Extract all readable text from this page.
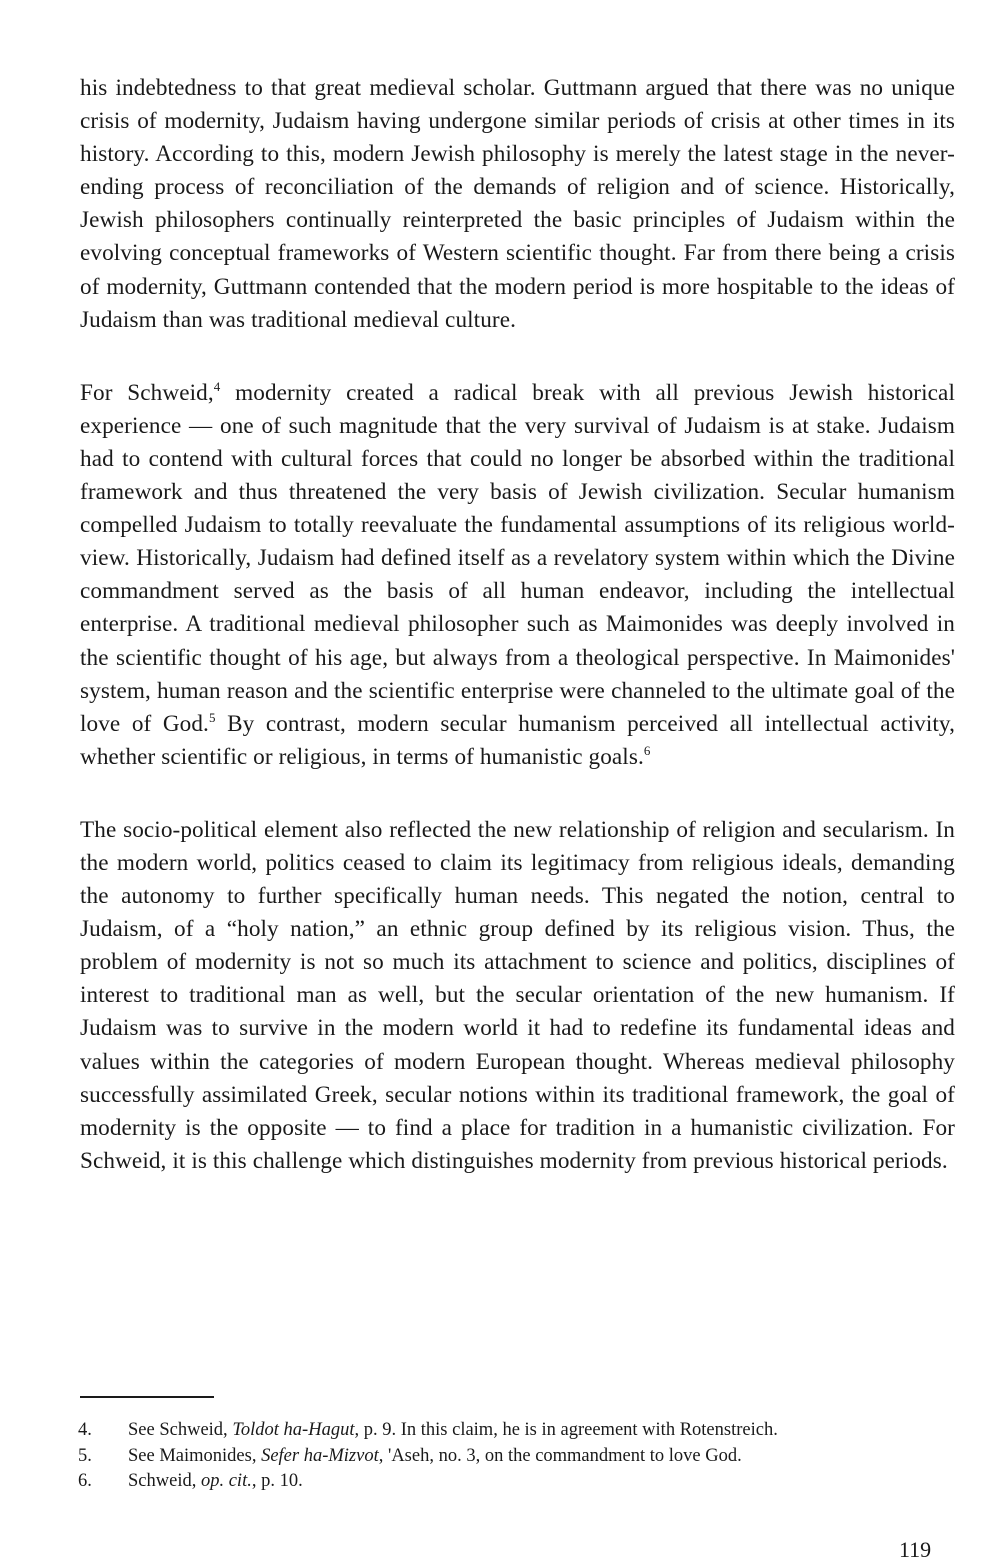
his indebtedness to that great medieval scholar. Guttmann argued that there was no unique crisis of modernity, Judaism having undergone similar periods of crisis at other times in its history. According to this, modern Jewish philosophy is merely the latest stage in the never-ending process of reconciliation of the demands of religion and of science. Historically, Jewish philosophers continually reinterpreted the basic principles of Judaism within the evolving conceptual frameworks of Western scientific thought. Far from there being a crisis of modernity, Guttmann contended that the modern period is more hospitable to the ideas of Judaism than was traditional medieval culture.

For Schweid,$^4$ modernity created a radical break with all previous Jewish historical experience — one of such magnitude that the very survival of Judaism is at stake. Judaism had to contend with cultural forces that could no longer be absorbed within the traditional framework and thus threatened the very basis of Jewish civilization. Secular humanism compelled Judaism to totally reevaluate the fundamental assumptions of its religious world-view. Historically, Judaism had defined itself as a revelatory system within which the Divine commandment served as the basis of all human endeavor, including the intellectual enterprise. A traditional medieval philosopher such as Maimonides was deeply involved in the scientific thought of his age, but always from a theological perspective. In Maimonides' system, human reason and the scientific enterprise were channeled to the ultimate goal of the love of God.$^5$ By contrast, modern secular humanism perceived all intellectual activity, whether scientific or religious, in terms of humanistic goals.$^6$

The socio-political element also reflected the new relationship of religion and secularism. In the modern world, politics ceased to claim its legitimacy from religious ideals, demanding the autonomy to further specifically human needs. This negated the notion, central to Judaism, of a “holy nation,” an ethnic group defined by its religious vision. Thus, the problem of modernity is not so much its attachment to science and politics, disciplines of interest to traditional man as well, but the secular orientation of the new humanism. If Judaism was to survive in the modern world it had to redefine its fundamental ideas and values within the categories of modern European thought. Whereas medieval philosophy successfully assimilated Greek, secular notions within its traditional framework, the goal of modernity is the opposite — to find a place for tradition in a humanistic civilization. For Schweid, it is this challenge which distinguishes modernity from previous historical periods.

4.	See Schweid, Toldot ha-Hagut, p. 9. In this claim, he is in agreement with Rotenstreich.
5.	See Maimonides, Sefer ha-Mizvot, 'Aseh, no. 3, on the commandment to love God.
6.	Schweid, op. cit., p. 10.
119
